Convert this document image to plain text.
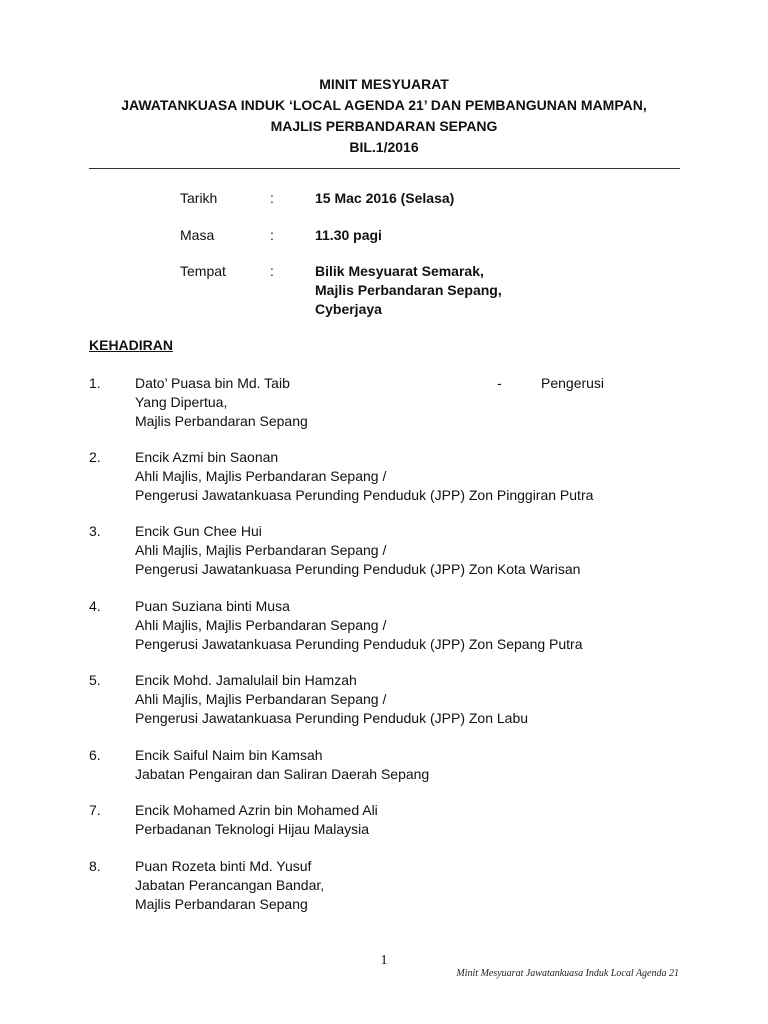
MINIT MESYUARAT
JAWATANKUASA INDUK ‘LOCAL AGENDA 21’ DAN PEMBANGUNAN MAMPAN,
MAJLIS PERBANDARAN SEPANG
BIL.1/2016
Tarikh	:	15 Mac 2016 (Selasa)
Masa	:	11.30 pagi
Tempat	:	Bilik Mesyuarat Semarak,
Majlis Perbandaran Sepang,
Cyberjaya
KEHADIRAN
1. Dato’ Puasa bin Md. Taib	-	Pengerusi
Yang Dipertua,
Majlis Perbandaran Sepang
2. Encik Azmi bin Saonan
Ahli Majlis, Majlis Perbandaran Sepang /
Pengerusi Jawatankuasa Perunding Penduduk (JPP) Zon Pinggiran Putra
3. Encik Gun Chee Hui
Ahli Majlis, Majlis Perbandaran Sepang /
Pengerusi Jawatankuasa Perunding Penduduk (JPP) Zon Kota Warisan
4. Puan Suziana binti Musa
Ahli Majlis, Majlis Perbandaran Sepang /
Pengerusi Jawatankuasa Perunding Penduduk (JPP) Zon Sepang Putra
5. Encik Mohd. Jamalulail bin Hamzah
Ahli Majlis, Majlis Perbandaran Sepang /
Pengerusi Jawatankuasa Perunding Penduduk (JPP) Zon Labu
6. Encik Saiful Naim bin Kamsah
Jabatan Pengairan dan Saliran Daerah Sepang
7. Encik Mohamed Azrin bin Mohamed Ali
Perbadanan Teknologi Hijau Malaysia
8. Puan Rozeta binti Md. Yusuf
Jabatan Perancangan Bandar,
Majlis Perbandaran Sepang
1
Minit Mesyuarat Jawatankuasa Induk Local Agenda 21
